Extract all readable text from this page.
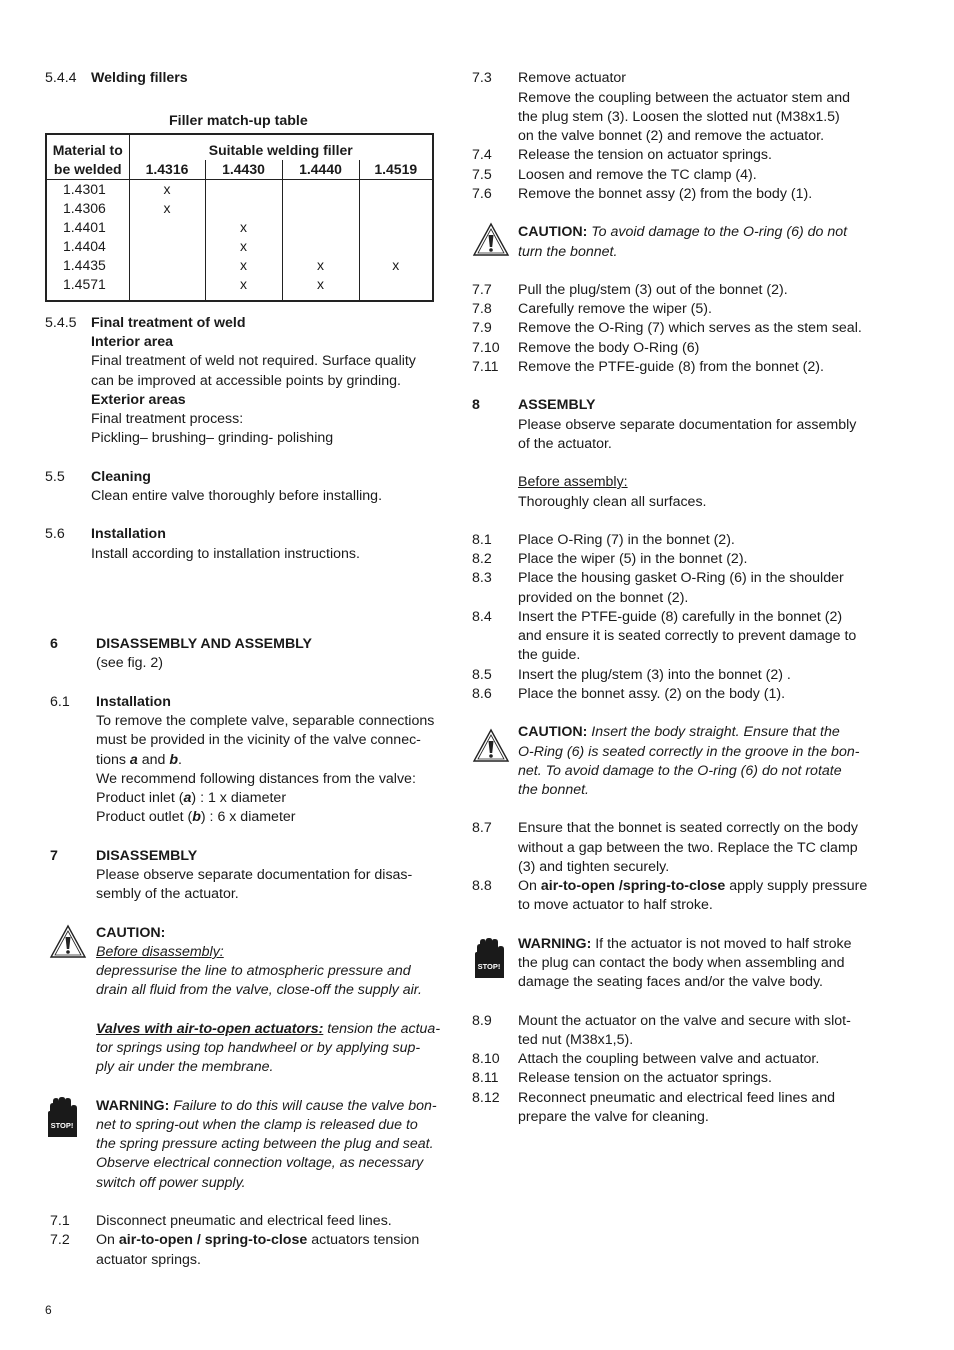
5.4.4 Welding fillers
Filler match-up table
Material to	Suitable welding filler			
be welded	1.4316	1.4430	1.4440	1.4519
1.4301	x			
1.4306	x			
1.4401		x		
1.4404		x		
1.4435		x	x	x
1.4571		x	x	
5.4.5 Final treatment of weld
Interior area
Final treatment of weld not required. Surface quality
can be improved at accessible points by grinding.
Exterior areas
Final treatment process:
Pickling– brushing– grinding- polishing
5.5 Cleaning
Clean entire valve thoroughly before installing.
5.6 Installation
Install according to installation instructions.
6	DISASSEMBLY AND ASSEMBLY
(see fig. 2)
6.1 Installation
To remove the complete valve, separable connections
must be provided in the vicinity of the valve connec-
tions a and b.
We recommend following distances from the valve:
Product inlet (a) : 1 x diameter
Product outlet (b) : 6 x diameter
7	DISASSEMBLY
Please observe separate documentation for disas-
sembly of the actuator.
CAUTION:
Before disassembly:
depressurise the line to atmospheric pressure and
drain all fluid from the valve, close-off the supply air.
Valves with air-to-open actuators: tension the actua-
tor springs using top handwheel or by applying sup-
ply air under the membrane.
STOP!
WARNING: Failure to do this will cause the valve bon-
net to spring-out when the clamp is released due to
the spring pressure acting between the plug and seat.
Observe electrical connection voltage, as necessary
switch off power supply.
7.1 Disconnect pneumatic and electrical feed lines.
7.2 On air-to-open / spring-to-close actuators tension
actuator springs.
6
7.3 Remove actuator
Remove the coupling between the actuator stem and
the plug stem (3). Loosen the slotted nut (M38x1.5)
on the valve bonnet (2) and remove the actuator.
7.4 Release the tension on actuator springs.
7.5 Loosen and remove the TC clamp (4).
7.6 Remove the bonnet assy (2) from the body (1).
CAUTION: To avoid damage to the O-ring (6) do not
turn the bonnet.
7.7 Pull the plug/stem (3) out of the bonnet (2).
7.8 Carefully remove the wiper (5).
7.9 Remove the O-Ring (7) which serves as the stem seal.
7.10 Remove the body O-Ring (6)
7.11 Remove the PTFE-guide (8) from the bonnet (2).
8	ASSEMBLY
Please observe separate documentation for assembly
of the actuator.
Before assembly:
Thoroughly clean all surfaces.
8.1 Place O-Ring (7) in the bonnet (2).
8.2 Place the wiper (5) in the bonnet (2).
8.3 Place the housing gasket O-Ring (6) in the shoulder
provided on the bonnet (2).
8.4 Insert the PTFE-guide (8) carefully in the bonnet (2)
and ensure it is seated correctly to prevent damage to
the guide.
8.5 Insert the plug/stem (3) into the bonnet (2) .
8.6 Place the bonnet assy. (2) on the body (1).
CAUTION: Insert the body straight. Ensure that the
O-Ring (6) is seated correctly in the groove in the bon-
net. To avoid damage to the O-ring (6) do not rotate
the bonnet.
8.7 Ensure that the bonnet is seated correctly on the body
without a gap between the two. Replace the TC clamp
(3) and tighten securely.
8.8 On air-to-open /spring-to-close apply supply pressure
to move actuator to half stroke.
STOP!
WARNING: If the actuator is not moved to half stroke
the plug can contact the body when assembling and
damage the seating faces and/or the valve body.
8.9 Mount the actuator on the valve and secure with slot-
ted nut (M38x1,5).
8.10 Attach the coupling between valve and actuator.
8.11 Release tension on the actuator springs.
8.12 Reconnect pneumatic and electrical feed lines and
prepare the valve for cleaning.
